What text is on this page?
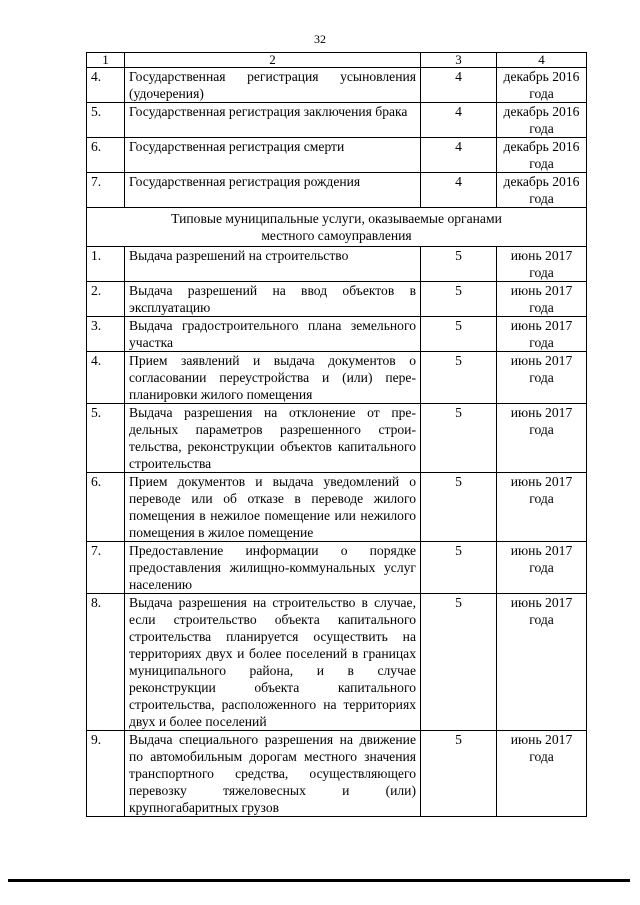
32
1	2	3	4
4.	Государственная регистрация усыновления (удочерения)	4	декабрь 2016 года
5.	Государственная регистрация заключения брака	4	декабрь 2016 года
6.	Государственная регистрация смерти	4	декабрь 2016 года
7.	Государственная регистрация рождения	4	декабрь 2016 года
Типовые муниципальные услуги, оказываемые органами местного самоуправления			
1.	Выдача разрешений на строительство	5	июнь 2017 года
2.	Выдача разрешений на ввод объектов в эксплуатацию	5	июнь 2017 года
3.	Выдача градостроительного плана земельного участка	5	июнь 2017 года
4.	Прием заявлений и выдача документов о согласовании переустройства и (или) перепланировки жилого помещения	5	июнь 2017 года
5.	Выдача разрешения на отклонение от предельных параметров разрешенного строительства, реконструкции объектов капитального строительства	5	июнь 2017 года
6.	Прием документов и выдача уведомлений о переводе или об отказе в переводе жилого помещения в нежилое помещение или нежилого помещения в жилое помещение	5	июнь 2017 года
7.	Предоставление информации о порядке предоставления жилищно-коммунальных услуг населению	5	июнь 2017 года
8.	Выдача разрешения на строительство в случае, если строительство объекта капитального строительства планируется осуществить на территориях двух и более поселений в границах муниципального района, и в случае реконструкции объекта капитального строительства, расположенного на территориях двух и более поселений	5	июнь 2017 года
9.	Выдача специального разрешения на движение по автомобильным дорогам местного значения транспортного средства, осуществляющего перевозку тяжеловесных и (или) крупногабаритных грузов	5	июнь 2017 года
